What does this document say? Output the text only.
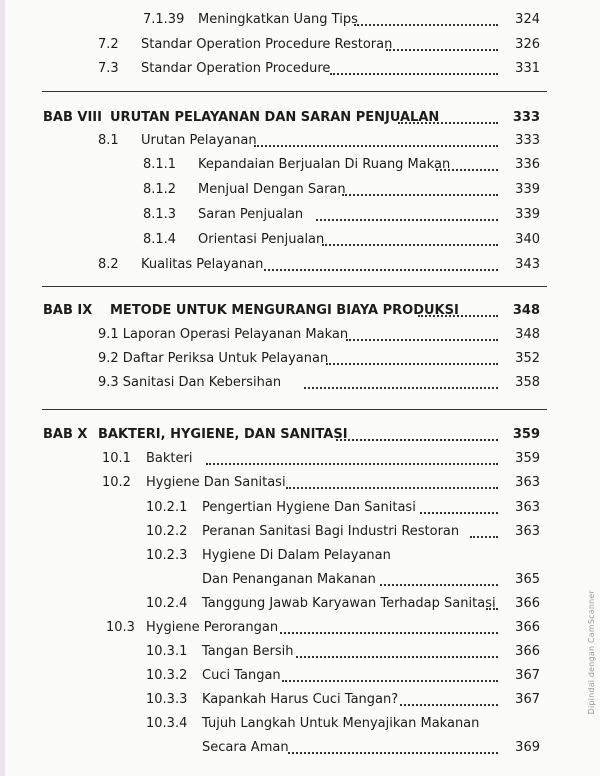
7.1.39 Meningkatkan Uang Tips	324
7.2 Standar Operation Procedure Restoran	326
7.3 Standar Operation Procedure	331
BAB VIII URUTAN PELAYANAN DAN SARAN PENJUALAN	333
8.1 Urutan Pelayanan	333
8.1.1 Kepandaian Berjualan Di Ruang Makan	336
8.1.2 Menjual Dengan Saran	339
8.1.3 Saran Penjualan	339
8.1.4 Orientasi Penjualan	340
8.2 Kualitas Pelayanan	343
BAB IX METODE UNTUK MENGURANGI BIAYA PRODUKSI	348
9.1 Laporan Operasi Pelayanan Makan	348
9.2 Daftar Periksa Untuk Pelayanan	352
9.3 Sanitasi Dan Kebersihan	358
BAB X BAKTERI, HYGIENE, DAN SANITASI	359
10.1 Bakteri	359
10.2 Hygiene Dan Sanitasi	363
10.2.1 Pengertian Hygiene Dan Sanitasi	363
10.2.2 Peranan Sanitasi Bagi Industri Restoran	363
10.2.3 Hygiene Di Dalam Pelayanan
Dan Penanganan Makanan	365
10.2.4 Tanggung Jawab Karyawan Terhadap Sanitasi 366
10.3 Hygiene Perorangan	366
10.3.1 Tangan Bersih	366
10.3.2 Cuci Tangan	367
10.3.3 Kapankah Harus Cuci Tangan?	367
10.3.4 Tujuh Langkah Untuk Menyajikan Makanan
Secara Aman	369
Dipindai dengan CamScanner
